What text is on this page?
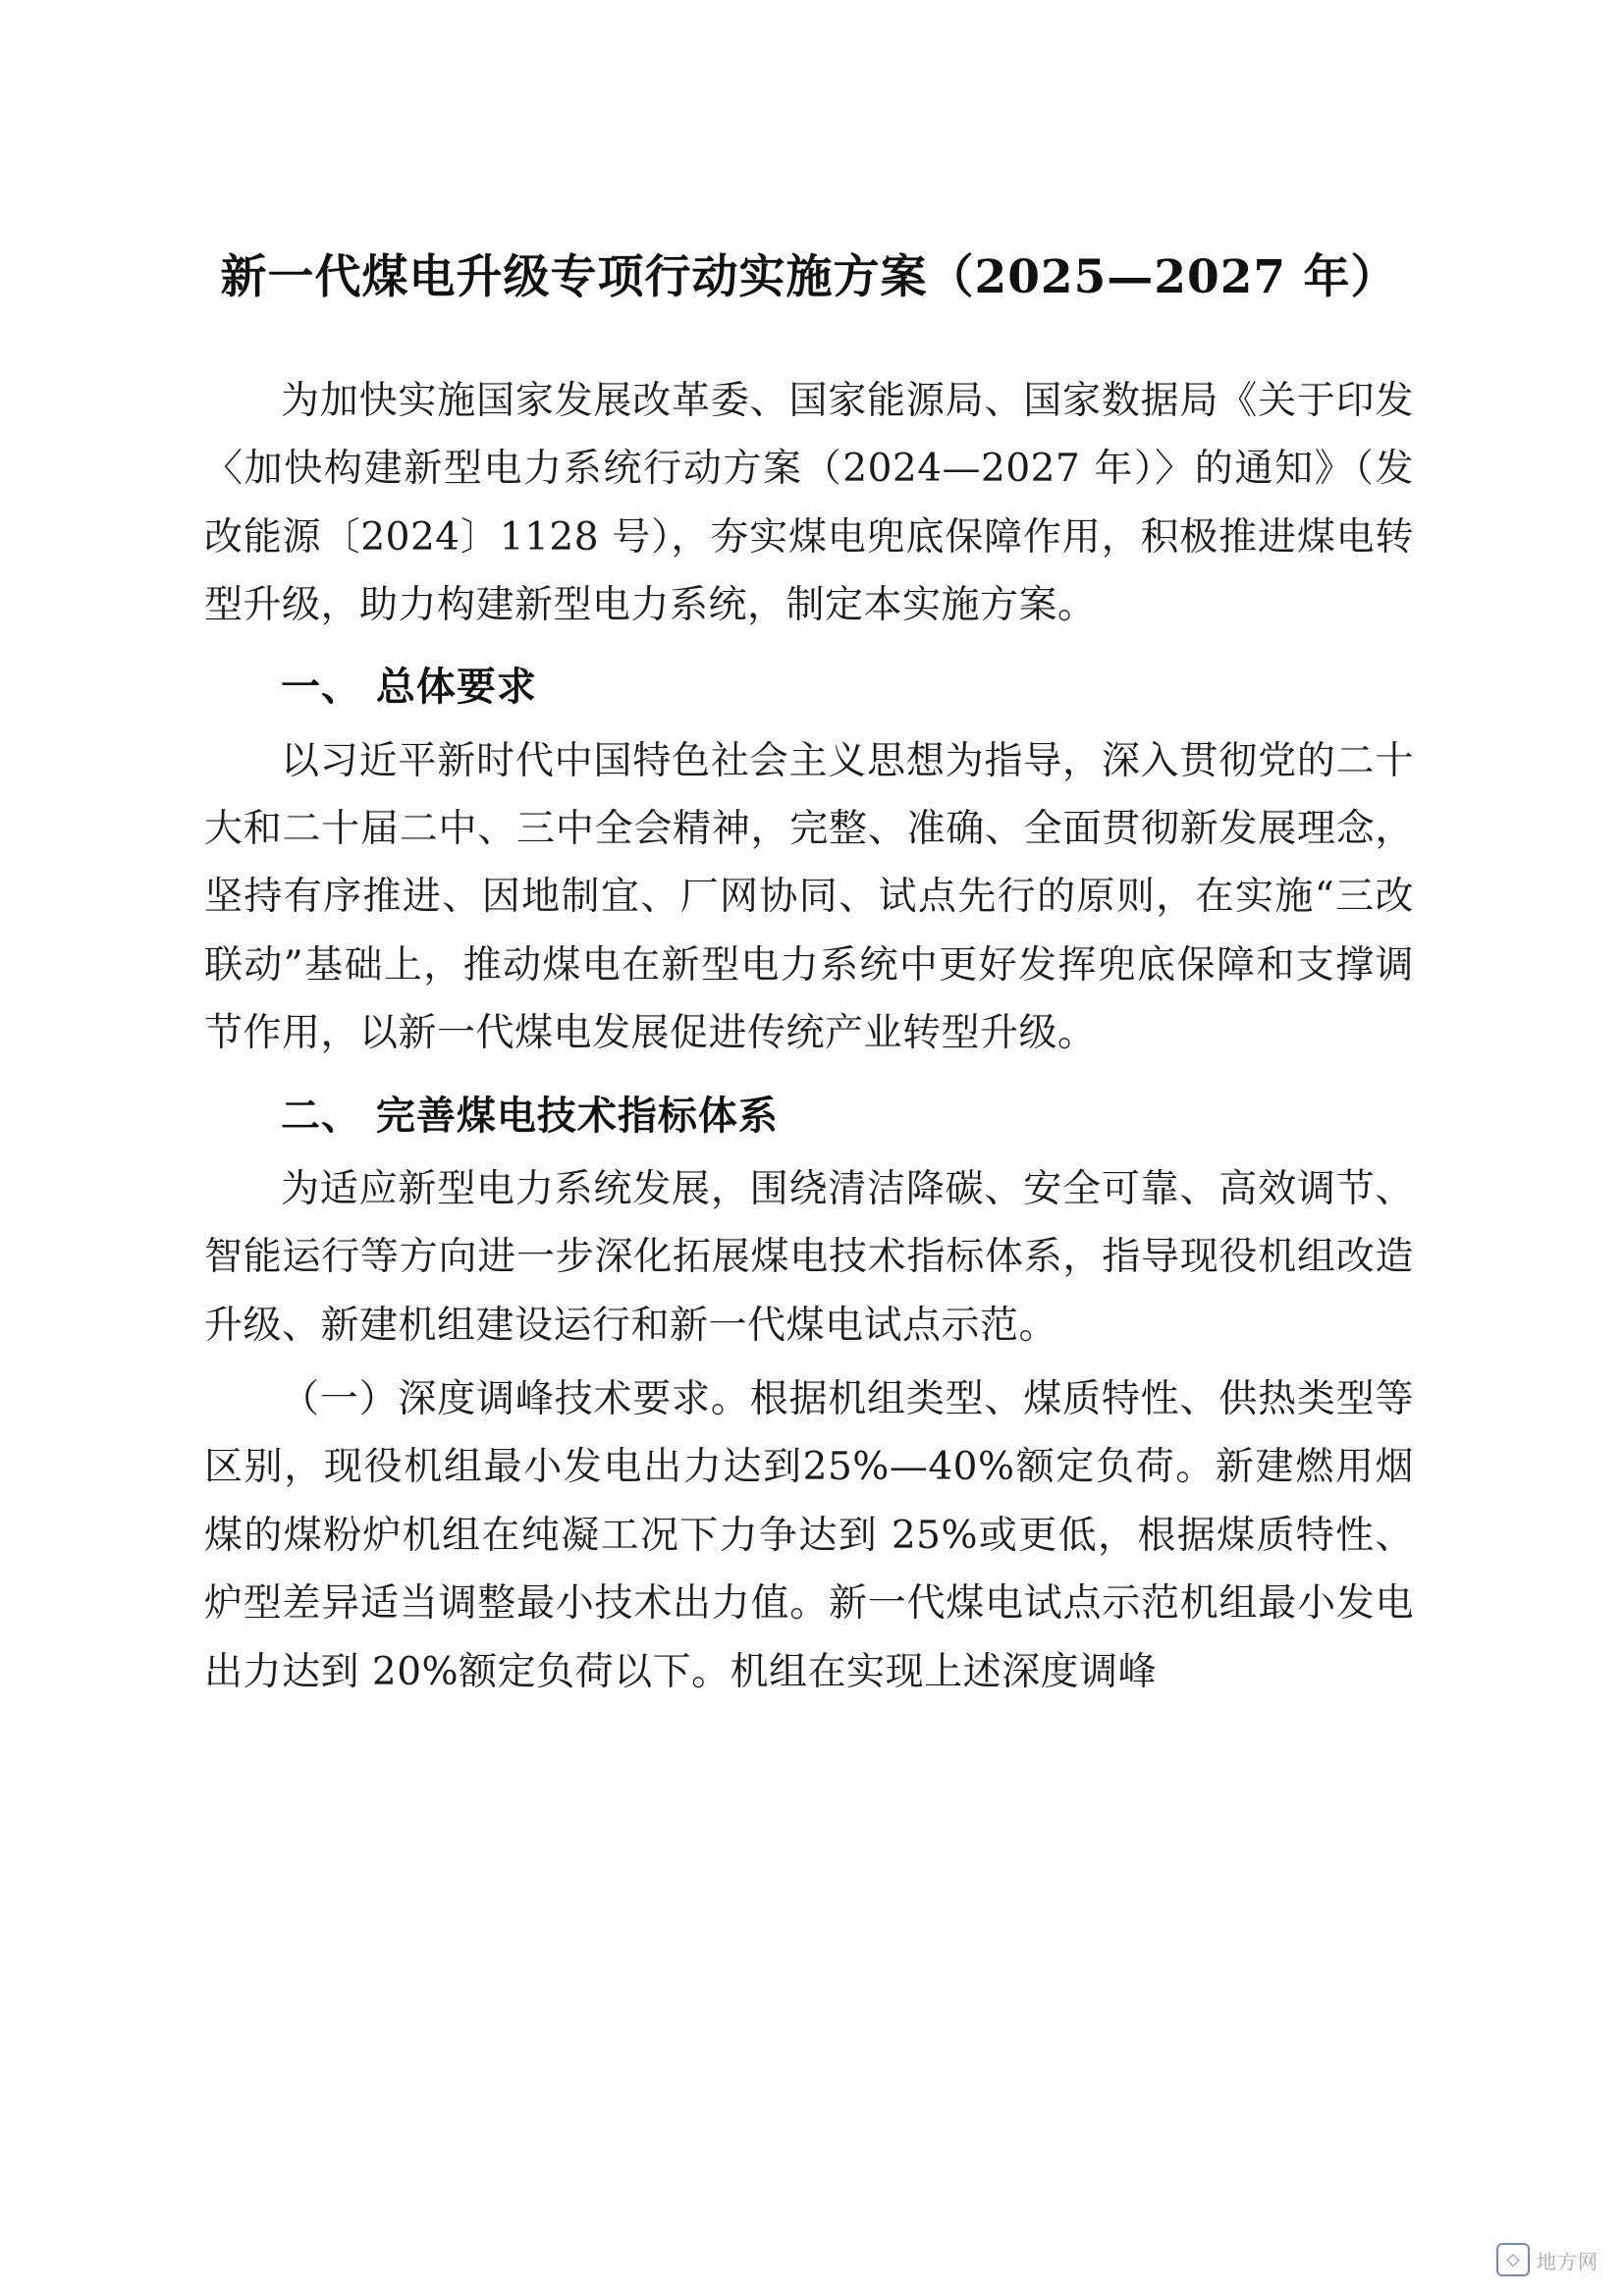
新一代煤电升级专项行动实施方案（2025—2027 年）

为加快实施国家发展改革委、国家能源局、国家数据局《关于印发〈加快构建新型电力系统行动方案（2024—2027 年）〉的通知》（发改能源〔2024〕1128 号），夯实煤电兜底保障作用，积极推进煤电转型升级，助力构建新型电力系统，制定本实施方案。

一、 总体要求

以习近平新时代中国特色社会主义思想为指导，深入贯彻党的二十大和二十届二中、三中全会精神，完整、准确、全面贯彻新发展理念，坚持有序推进、因地制宜、厂网协同、试点先行的原则，在实施“三改联动”基础上，推动煤电在新型电力系统中更好发挥兜底保障和支撑调节作用，以新一代煤电发展促进传统产业转型升级。

二、 完善煤电技术指标体系

为适应新型电力系统发展，围绕清洁降碳、安全可靠、高效调节、智能运行等方向进一步深化拓展煤电技术指标体系，指导现役机组改造升级、新建机组建设运行和新一代煤电试点示范。

（一）深度调峰技术要求。根据机组类型、煤质特性、供热类型等区别，现役机组最小发电出力达到25%—40%额定负荷。新建燃用烟煤的煤粉炉机组在纯凝工况下力争达到 25%或更低，根据煤质特性、炉型差异适当调整最小技术出力值。新一代煤电试点示范机组最小发电出力达到 20%额定负荷以下。机组在实现上述深度调峰

◇ 地方网
